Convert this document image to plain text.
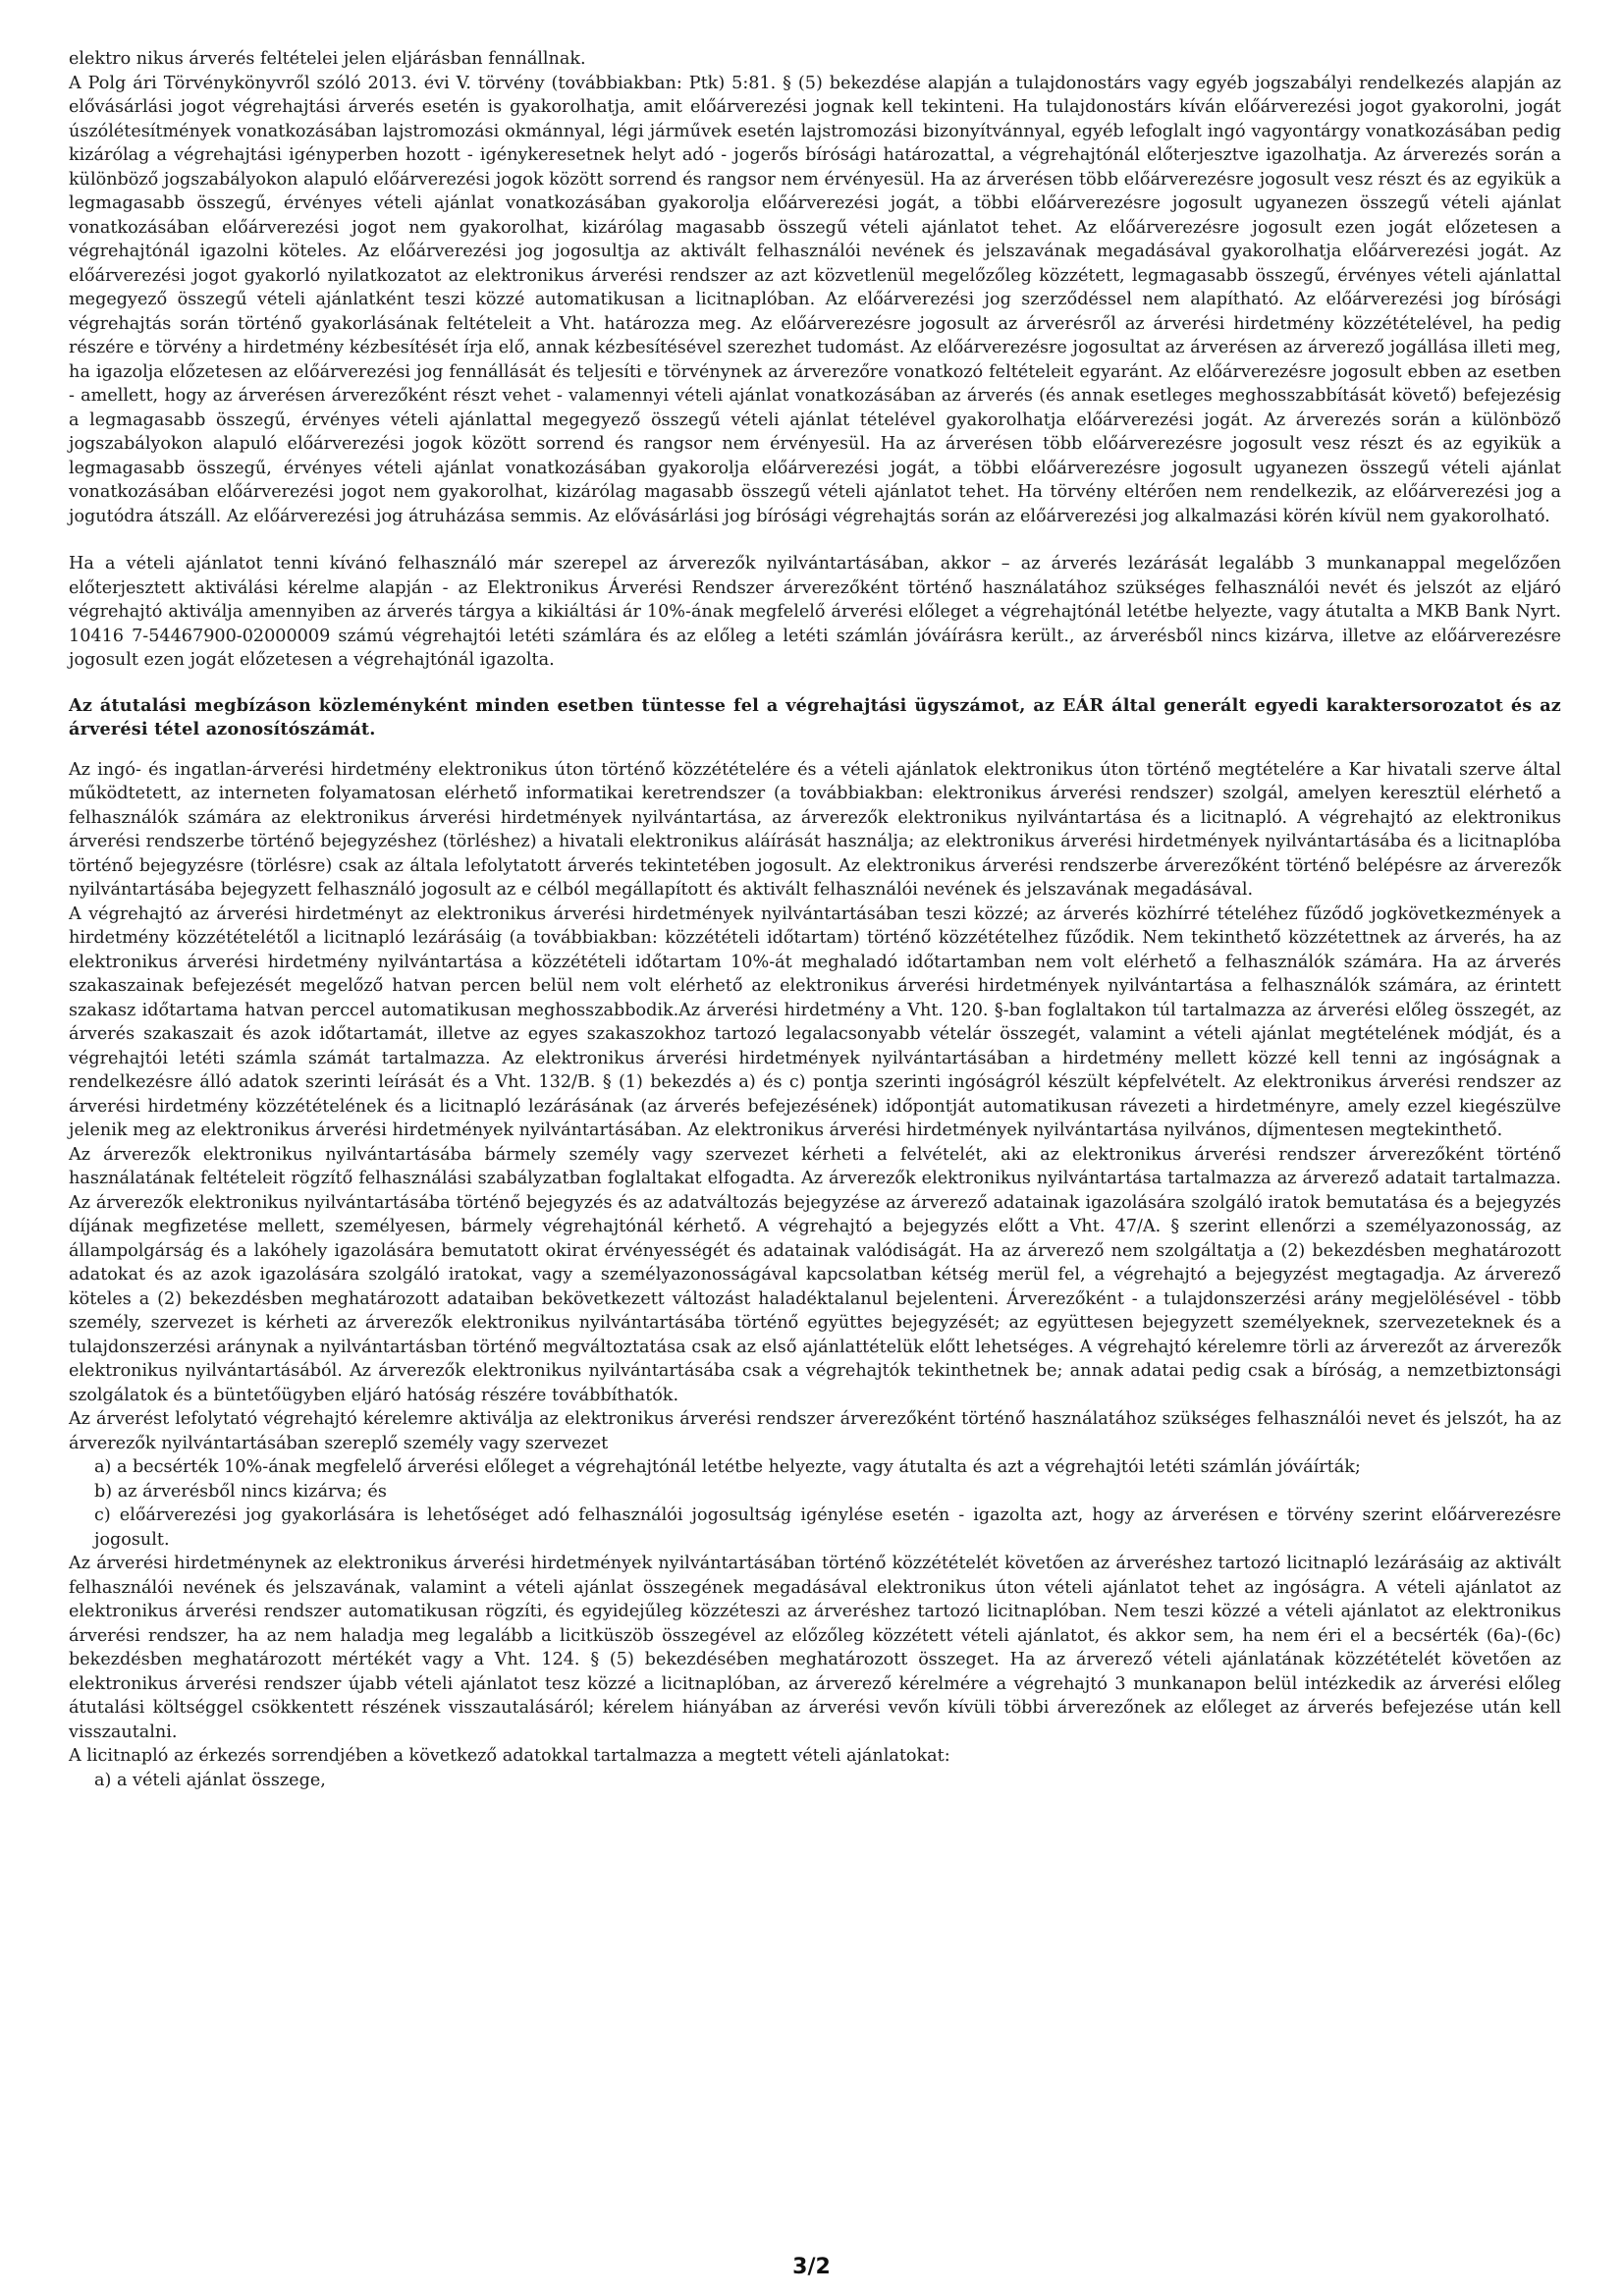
elektro nikus árverés feltételei jelen eljárásban fennállnak.

A Polg ári Törvénykönyvről szóló 2013. évi V. törvény (továbbiakban: Ptk) 5:81. § (5) bekezdése alapján a tulajdonostárs vagy egyéb jogszabályi rendelkezés alapján az elővásárlási jogot végrehajtási árverés esetén is gyakorolhatja, amit előárverezési jognak kell tekinteni. Ha tulajdonostárs kíván előárverezési jogot gyakorolni, jogát úszólétesítmények vonatkozásában lajstromozási okmánnyal, légi járművek esetén lajstromozási bizonyítvánnyal, egyéb lefoglalt ingó vagyontárgy vonatkozásában pedig kizárólag a végrehajtási igényperben hozott - igénykeresetnek helyt adó - jogerős bírósági határozattal, a végrehajtónál előterjesztve igazolhatja. Az árverezés során a különböző jogszabályokon alapuló előárverezési jogok között sorrend és rangsor nem érvényesül. Ha az árverésen több előárverezésre jogosult vesz részt és az egyikük a legmagasabb összegű, érvényes vételi ajánlat vonatkozásában gyakorolja előárverezési jogát, a többi előárverezésre jogosult ugyanezen összegű vételi ajánlat vonatkozásában előárverezési jogot nem gyakorolhat, kizárólag magasabb összegű vételi ajánlatot tehet. Az előárverezésre jogosult ezen jogát előzetesen a végrehajtónál igazolni köteles. Az előárverezési jog jogosultja az aktivált felhasználói nevének és jelszavának megadásával gyakorolhatja előárverezési jogát. Az előárverezési jogot gyakorló nyilatkozatot az elektronikus árverési rendszer az azt közvetlenül megelőzőleg közzétett, legmagasabb összegű, érvényes vételi ajánlattal megegyező összegű vételi ajánlatként teszi közzé automatikusan a licitnaplóban. Az előárverezési jog szerződéssel nem alapítható. Az előárverezési jog bírósági végrehajtás során történő gyakorlásának feltételeit a Vht. határozza meg. Az előárverezésre jogosult az árverésről az árverési hirdetmény közzétételével, ha pedig részére e törvény a hirdetmény kézbesítését írja elő, annak kézbesítésével szerezhet tudomást. Az előárverezésre jogosultat az árverésen az árverező jogállása illeti meg, ha igazolja előzetesen az előárverezési jog fennállását és teljesíti e törvénynek az árverezőre vonatkozó feltételeit egyaránt. Az előárverezésre jogosult ebben az esetben - amellett, hogy az árverésen árverezőként részt vehet - valamennyi vételi ajánlat vonatkozásában az árverés (és annak esetleges meghosszabbítását követő) befejezésig a legmagasabb összegű, érvényes vételi ajánlattal megegyező összegű vételi ajánlat tételével gyakorolhatja előárverezési jogát. Az árverezés során a különböző jogszabályokon alapuló előárverezési jogok között sorrend és rangsor nem érvényesül. Ha az árverésen több előárverezésre jogosult vesz részt és az egyikük a legmagasabb összegű, érvényes vételi ajánlat vonatkozásában gyakorolja előárverezési jogát, a többi előárverezésre jogosult ugyanezen összegű vételi ajánlat vonatkozásában előárverezési jogot nem gyakorolhat, kizárólag magasabb összegű vételi ajánlatot tehet. Ha törvény eltérően nem rendelkezik, az előárverezési jog a jogutódra átszáll. Az előárverezési jog átruházása semmis. Az elővásárlási jog bírósági végrehajtás során az előárverezési jog alkalmazási körén kívül nem gyakorolható.

Ha a vételi ajánlatot tenni kívánó felhasználó már szerepel az árverezők nyilvántartásában, akkor – az árverés lezárását legalább 3 munkanappal megelőzően előterjesztett aktiválási kérelme alapján - az Elektronikus Árverési Rendszer árverezőként történő használatához szükséges felhasználói nevét és jelszót az eljáró végrehajtó aktiválja amennyiben az árverés tárgya a kikiáltási ár 10%-ának megfelelő árverési előleget a végrehajtónál letétbe helyezte, vagy átutalta a MKB Bank Nyrt. 10416 7-54467900-02000009 számú végrehajtói letéti számlára és az előleg a letéti számlán jóváírásra került., az árverésből nincs kizárva, illetve az előárverezésre jogosult ezen jogát előzetesen a végrehajtónál igazolta.

Az átutalási megbízáson közleményként minden esetben tüntesse fel a végrehajtási ügyszámot, az EÁR által generált egyedi karaktersorozatot és az árverési tétel azonosítószámát.

Az ingó- és ingatlan-árverési hirdetmény elektronikus úton történő közzétételére és a vételi ajánlatok elektronikus úton történő megtételére a Kar hivatali szerve által működtetett, az interneten folyamatosan elérhető informatikai keretrendszer (a továbbiakban: elektronikus árverési rendszer) szolgál, amelyen keresztül elérhető a felhasználók számára az elektronikus árverési hirdetmények nyilvántartása, az árverezők elektronikus nyilvántartása és a licitnapló. A végrehajtó az elektronikus árverési rendszerbe történő bejegyzéshez (törléshez) a hivatali elektronikus aláírását használja; az elektronikus árverési hirdetmények nyilvántartásába és a licitnaplóba történő bejegyzésre (törlésre) csak az általa lefolytatott árverés tekintetében jogosult. Az elektronikus árverési rendszerbe árverezőként történő belépésre az árverezők nyilvántartásába bejegyzett felhasználó jogosult az e célból megállapított és aktivált felhasználói nevének és jelszavának megadásával.

A végrehajtó az árverési hirdetményt az elektronikus árverési hirdetmények nyilvántartásában teszi közzé; az árverés közhírré tételéhez fűződő jogkövetkezmények a hirdetmény közzétételétől a licitnapló lezárásáig (a továbbiakban: közzétételi időtartam) történő közzétételhez fűződik. Nem tekinthető közzétettnek az árverés, ha az elektronikus árverési hirdetmény nyilvántartása a közzétételi időtartam 10%-át meghaladó időtartamban nem volt elérhető a felhasználók számára. Ha az árverés szakaszainak befejezését megelőző hatvan percen belül nem volt elérhető az elektronikus árverési hirdetmények nyilvántartása a felhasználók számára, az érintett szakasz időtartama hatvan perccel automatikusan meghosszabbodik.Az árverési hirdetmény a Vht. 120. §-ban foglaltakon túl tartalmazza az árverési előleg összegét, az árverés szakaszait és azok időtartamát, illetve az egyes szakaszokhoz tartozó legalacsonyabb vételár összegét, valamint a vételi ajánlat megtételének módját, és a végrehajtói letéti számla számát tartalmazza. Az elektronikus árverési hirdetmények nyilvántartásában a hirdetmény mellett közzé kell tenni az ingóságnak a rendelkezésre álló adatok szerinti leírását és a Vht. 132/B. § (1) bekezdés a) és c) pontja szerinti ingóságról készült képfelvételt. Az elektronikus árverési rendszer az árverési hirdetmény közzétételének és a licitnapló lezárásának (az árverés befejezésének) időpontját automatikusan rávezeti a hirdetményre, amely ezzel kiegészülve jelenik meg az elektronikus árverési hirdetmények nyilvántartásában. Az elektronikus árverési hirdetmények nyilvántartása nyilvános, díjmentesen megtekinthető.

Az árverezők elektronikus nyilvántartásába bármely személy vagy szervezet kérheti a felvételét, aki az elektronikus árverési rendszer árverezőként történő használatának feltételeit rögzítő felhasználási szabályzatban foglaltakat elfogadta. Az árverezők elektronikus nyilvántartása tartalmazza az árverező adatait tartalmazza. Az árverezők elektronikus nyilvántartásába történő bejegyzés és az adatváltozás bejegyzése az árverező adatainak igazolására szolgáló iratok bemutatása és a bejegyzés díjának megfizetése mellett, személyesen, bármely végrehajtónál kérhető. A végrehajtó a bejegyzés előtt a Vht. 47/A. § szerint ellenőrzi a személyazonosság, az állampolgárság és a lakóhely igazolására bemutatott okirat érvényességét és adatainak valódiságát. Ha az árverező nem szolgáltatja a (2) bekezdésben meghatározott adatokat és az azok igazolására szolgáló iratokat, vagy a személyazonosságával kapcsolatban kétség merül fel, a végrehajtó a bejegyzést megtagadja. Az árverező köteles a (2) bekezdésben meghatározott adataiban bekövetkezett változást haladéktalanul bejelenteni. Árverezőként - a tulajdonszerzési arány megjelölésével - több személy, szervezet is kérheti az árverezők elektronikus nyilvántartásába történő együttes bejegyzését; az együttesen bejegyzett személyeknek, szervezeteknek és a tulajdonszerzési aránynak a nyilvántartásban történő megváltoztatása csak az első ajánlattételük előtt lehetséges. A végrehajtó kérelemre törli az árverezőt az árverezők elektronikus nyilvántartásából. Az árverezők elektronikus nyilvántartásába csak a végrehajtók tekinthetnek be; annak adatai pedig csak a bíróság, a nemzetbiztonsági szolgálatok és a büntetőügyben eljáró hatóság részére továbbíthatók.

Az árverést lefolytató végrehajtó kérelemre aktiválja az elektronikus árverési rendszer árverezőként történő használatához szükséges felhasználói nevet és jelszót, ha az árverezők nyilvántartásában szereplő személy vagy szervezet

a) a becsérték 10%-ának megfelelő árverési előleget a végrehajtónál letétbe helyezte, vagy átutalta és azt a végrehajtói letéti számlán jóváírták;

b) az árverésből nincs kizárva; és

c) előárverezési jog gyakorlására is lehetőséget adó felhasználói jogosultság igénylése esetén - igazolta azt, hogy az árverésen e törvény szerint előárverezésre jogosult.

Az árverési hirdetménynek az elektronikus árverési hirdetmények nyilvántartásában történő közzétételét követően az árveréshez tartozó licitnapló lezárásáig az aktivált felhasználói nevének és jelszavának, valamint a vételi ajánlat összegének megadásával elektronikus úton vételi ajánlatot tehet az ingóságra. A vételi ajánlatot az elektronikus árverési rendszer automatikusan rögzíti, és egyidejűleg közzéteszi az árveréshez tartozó licitnaplóban. Nem teszi közzé a vételi ajánlatot az elektronikus árverési rendszer, ha az nem haladja meg legalább a licitküszöb összegével az előzőleg közzétett vételi ajánlatot, és akkor sem, ha nem éri el a becsérték (6a)-(6c) bekezdésben meghatározott mértékét vagy a Vht. 124. § (5) bekezdésében meghatározott összeget. Ha az árverező vételi ajánlatának közzétételét követően az elektronikus árverési rendszer újabb vételi ajánlatot tesz közzé a licitnaplóban, az árverező kérelmére a végrehajtó 3 munkanapon belül intézkedik az árverési előleg átutalási költséggel csökkentett részének visszautalásáról; kérelem hiányában az árverési vevőn kívüli többi árverezőnek az előleget az árverés befejezése után kell visszautalni.

A licitnapló az érkezés sorrendjében a következő adatokkal tartalmazza a megtett vételi ajánlatokat:

a) a vételi ajánlat összege,

3/2
